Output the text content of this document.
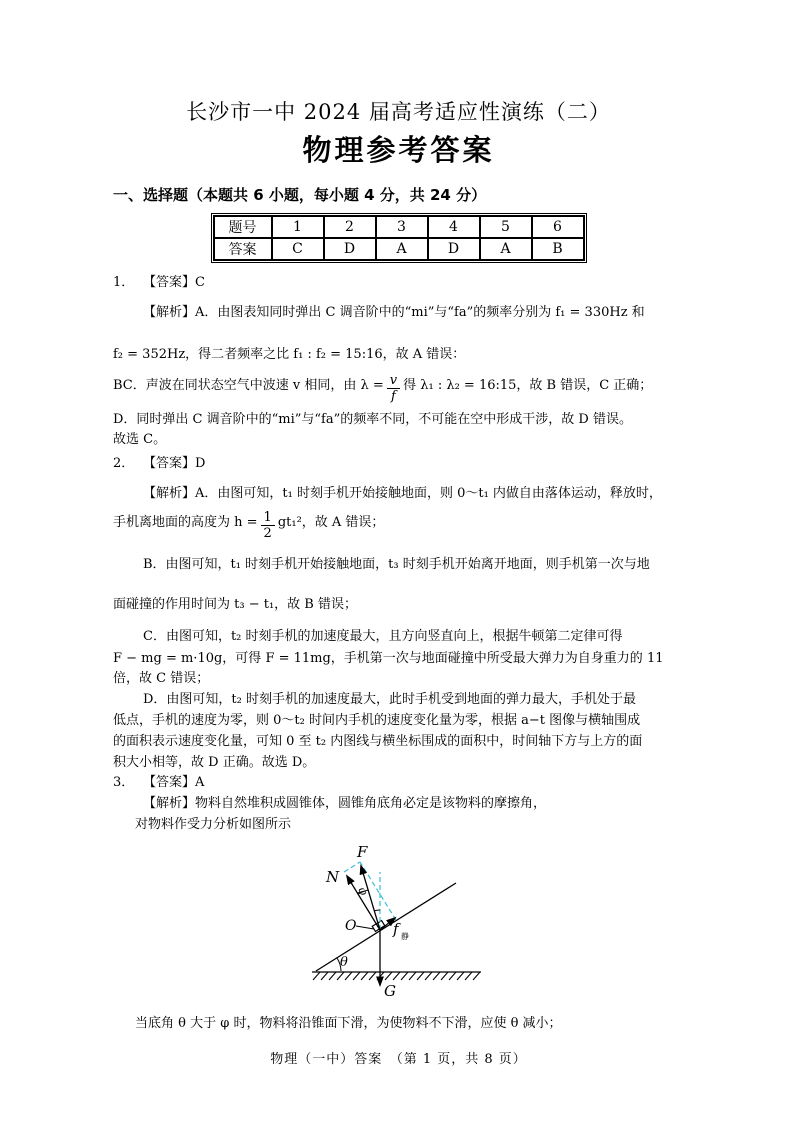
长沙市一中 2024 届高考适应性演练（二）
物理参考答案
一、选择题（本题共 6 小题，每小题 4 分，共 24 分）
题号	1	2	3	4	5	6
答案	C	D	A	D	A	B
1． 【答案】C
【解析】A．由图表知同时弹出 C 调音阶中的“mi”与“fa”的频率分别为 f₁ = 330Hz 和
f₂ = 352Hz，得二者频率之比 f₁ : f₂ = 15:16，故 A 错误：
BC．声波在同状态空气中波速 v 相同，由 $\lambda = \frac{v}{f}$ 得 λ₁ : λ₂ = 16:15，故 B 错误，C 正确；
D．同时弹出 C 调音阶中的“mi”与“fa”的频率不同，不可能在空中形成干涉，故 D 错误。
故选 C。
2． 【答案】D
【解析】A．由图可知，t₁ 时刻手机开始接触地面，则 0～t₁ 内做自由落体运动，释放时，
手机离地面的高度为 $h = \frac{1}{2} gt_1^2$，故 A 错误；
B．由图可知，t₁ 时刻手机开始接触地面，t₃ 时刻手机开始离开地面，则手机第一次与地
面碰撞的作用时间为 t₃ − t₁，故 B 错误；
C．由图可知，t₂ 时刻手机的加速度最大，且方向竖直向上，根据牛顿第二定律可得
F − mg = m·10g，可得 F = 11mg，手机第一次与地面碰撞中所受最大弹力为自身重力的 11
倍，故 C 错误；
D．由图可知，t₂ 时刻手机的加速度最大，此时手机受到地面的弹力最大，手机处于最
低点，手机的速度为零，则 0～t₂ 时间内手机的速度变化量为零，根据 a−t 图像与横轴围成
的面积表示速度变化量，可知 0 至 t₂ 内图线与横坐标围成的面积中，时间轴下方与上方的面
积大小相等，故 D 正确。故选 D。
3． 【答案】A
【解析】物料自然堆积成圆锥体，圆锥角底角必定是该物料的摩擦角，
对物料作受力分析如图所示
F
N
φ
O f 静
θ
G
当底角 θ 大于 φ 时，物料将沿锥面下滑，为使物料不下滑，应使 θ 减小；
物理（一中）答案　（第 1 页，共 8 页）
